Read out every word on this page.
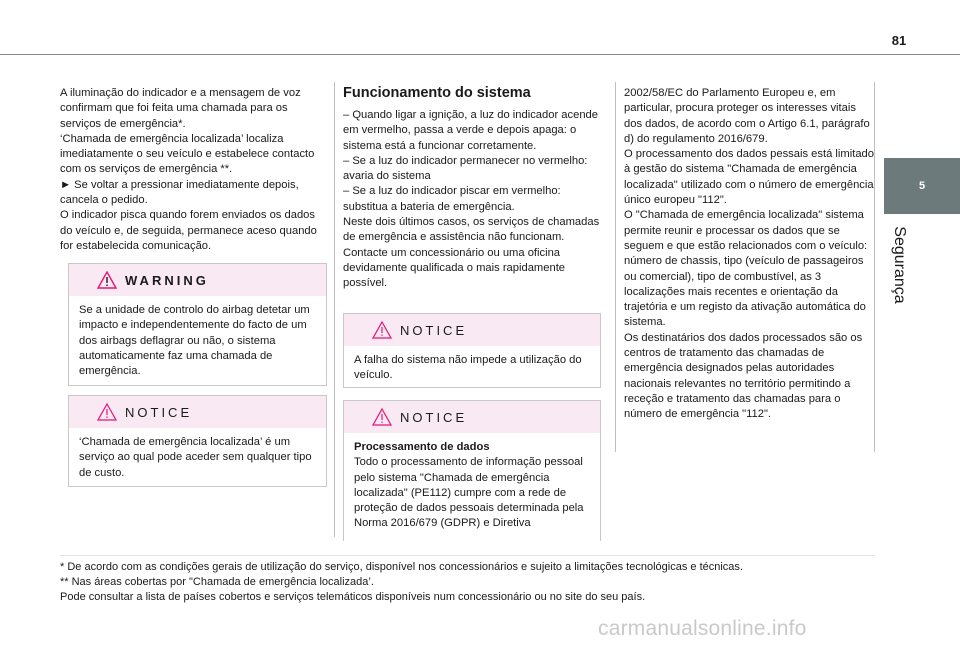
81
5
Segurança

A iluminação do indicador e a mensagem de voz confirmam que foi feita uma chamada para os serviços de emergência*.

‘Chamada de emergência localizada’ localiza imediatamente o seu veículo e estabelece contacto com os serviços de emergência **.

► Se voltar a pressionar imediatamente depois, cancela o pedido.

O indicador pisca quando forem enviados os dados do veículo e, de seguida, permanece aceso quando for estabelecida comunicação.

WARNING

Se a unidade de controlo do airbag detetar um impacto e independentemente do facto de um dos airbags deflagrar ou não, o sistema automaticamente faz uma chamada de emergência.

NOTICE

‘Chamada de emergência localizada’ é um serviço ao qual pode aceder sem qualquer tipo de custo.

Funcionamento do sistema

– Quando ligar a ignição, a luz do indicador acende em vermelho, passa a verde e depois apaga: o sistema está a funcionar corretamente.

– Se a luz do indicador permanecer no vermelho: avaria do sistema

– Se a luz do indicador piscar em vermelho: substitua a bateria de emergência.

Neste dois últimos casos, os serviços de chamadas de emergência e assistência não funcionam.

Contacte um concessionário ou uma oficina devidamente qualificada o mais rapidamente possível.

NOTICE

A falha do sistema não impede a utilização do veículo.

NOTICE

Processamento de dados

Todo o processamento de informação pessoal pelo sistema "Chamada de emergência localizada" (PE112) cumpre com a rede de proteção de dados pessoais determinada pela Norma 2016/679 (GDPR) e Diretiva

2002/58/EC do Parlamento Europeu e, em particular, procura proteger os interesses vitais dos dados, de acordo com o Artigo 6.1, parágrafo d) do regulamento 2016/679.

O processamento dos dados pessais está limitado à gestão do sistema "Chamada de emergência localizada" utilizado com o número de emergência único europeu "112".

O "Chamada de emergência localizada" sistema permite reunir e processar os dados que se seguem e que estão relacionados com o veículo: número de chassis, tipo (veículo de passageiros ou comercial), tipo de combustível, as 3 localizações mais recentes e orientação da trajetória e um registo da ativação automática do sistema.

Os destinatários dos dados processados são os centros de tratamento das chamadas de emergência designados pelas autoridades nacionais relevantes no território permitindo a receção e tratamento das chamadas para o número de emergência "112".

* De acordo com as condições gerais de utilização do serviço, disponível nos concessionários e sujeito a limitações tecnológicas e técnicas.

** Nas áreas cobertas por "Chamada de emergência localizada’.

Pode consultar a lista de países cobertos e serviços telemáticos disponíveis num concessionário ou no site do seu país.

carmanualsonline.info
